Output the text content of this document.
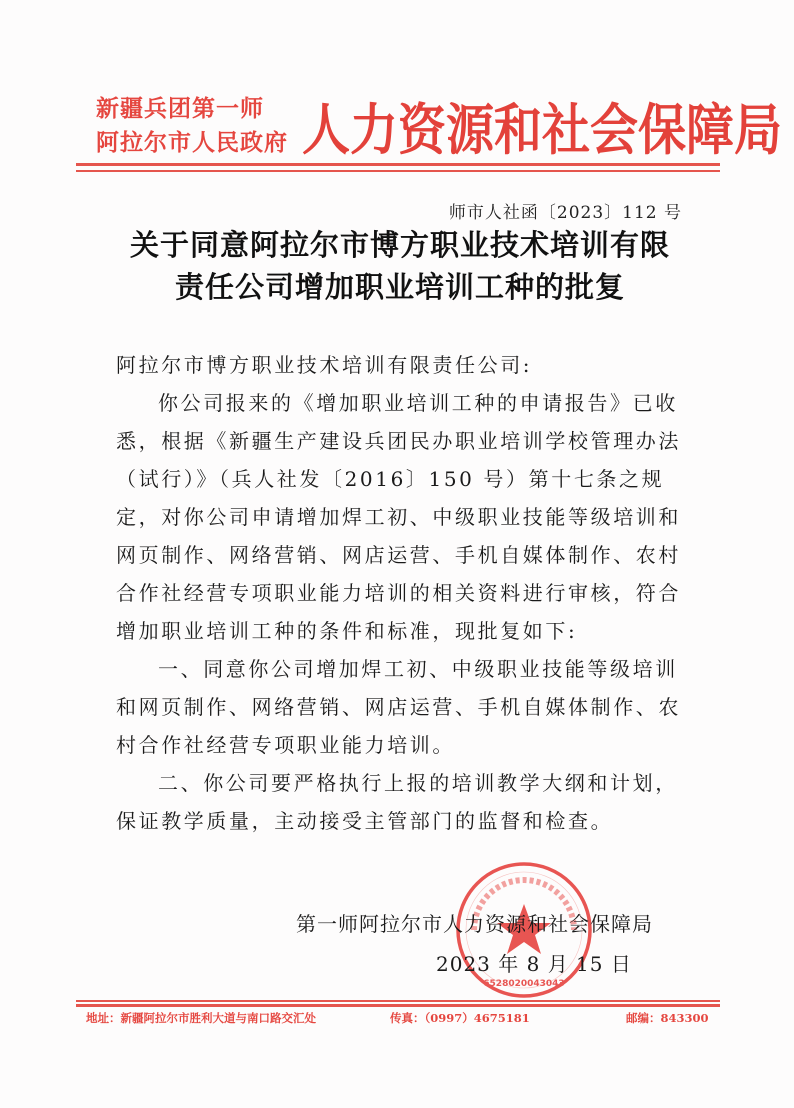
新疆兵团第一师
阿拉尔市人民政府 人力资源和社会保障局
师市人社函〔2023〕112 号
关于同意阿拉尔市博方职业技术培训有限
责任公司增加职业培训工种的批复

阿拉尔市博方职业技术培训有限责任公司:

你公司报来的《增加职业培训工种的申请报告》已收悉，根据《新疆生产建设兵团民办职业培训学校管理办法（试行）》（兵人社发〔2016〕150 号）第十七条之规定，对你公司申请增加焊工初、中级职业技能等级培训和网页制作、网络营销、网店运营、手机自媒体制作、农村合作社经营专项职业能力培训的相关资料进行审核，符合增加职业培训工种的条件和标准，现批复如下:

一、同意你公司增加焊工初、中级职业技能等级培训和网页制作、网络营销、网店运营、手机自媒体制作、农村合作社经营专项职业能力培训。

二、你公司要严格执行上报的培训教学大纲和计划，保证教学质量，主动接受主管部门的监督和检查。

6528020043043
第一师阿拉尔市人力资源和社会保障局
2023 年 8 月 15 日
地址：新疆阿拉尔市胜利大道与南口路交汇处	传真：（0997）4675181	邮编：843300
